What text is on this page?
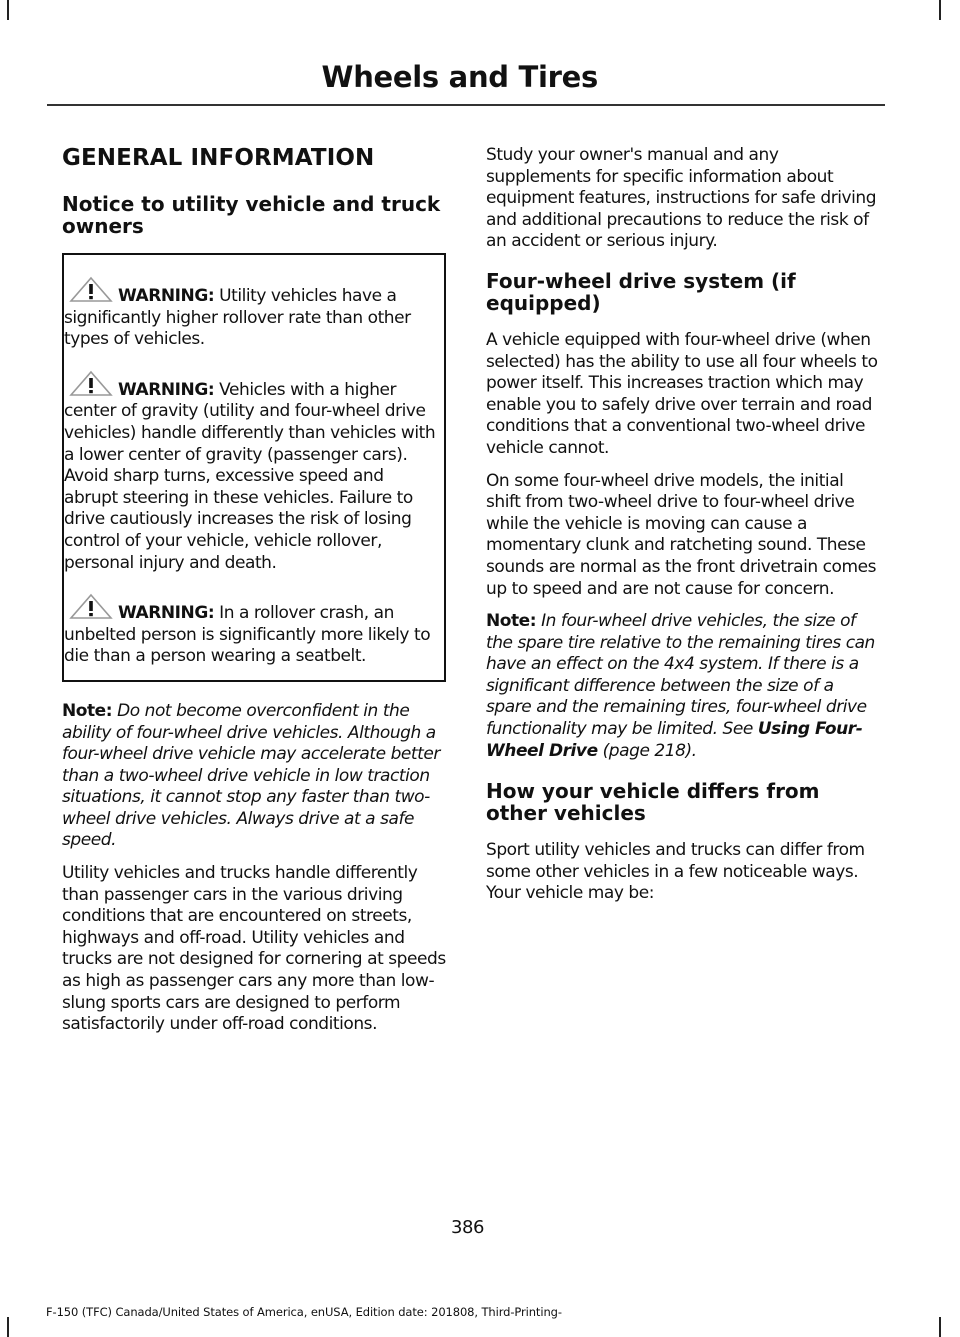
Wheels and Tires
GENERAL INFORMATION
Notice to utility vehicle and truck owners
WARNING: Utility vehicles have a significantly higher rollover rate than other types of vehicles.
WARNING: Vehicles with a higher center of gravity (utility and four-wheel drive vehicles) handle differently than vehicles with a lower center of gravity (passenger cars). Avoid sharp turns, excessive speed and abrupt steering in these vehicles. Failure to drive cautiously increases the risk of losing control of your vehicle, vehicle rollover, personal injury and death.
WARNING: In a rollover crash, an unbelted person is significantly more likely to die than a person wearing a seatbelt.

Note: Do not become overconfident in the ability of four-wheel drive vehicles. Although a four-wheel drive vehicle may accelerate better than a two-wheel drive vehicle in low traction situations, it cannot stop any faster than two-wheel drive vehicles. Always drive at a safe speed.

Utility vehicles and trucks handle differently than passenger cars in the various driving conditions that are encountered on streets, highways and off-road. Utility vehicles and trucks are not designed for cornering at speeds as high as passenger cars any more than low-slung sports cars are designed to perform satisfactorily under off-road conditions.

Study your owner's manual and any supplements for specific information about equipment features, instructions for safe driving and additional precautions to reduce the risk of an accident or serious injury.

Four-wheel drive system (if equipped)

A vehicle equipped with four-wheel drive (when selected) has the ability to use all four wheels to power itself. This increases traction which may enable you to safely drive over terrain and road conditions that a conventional two-wheel drive vehicle cannot.

On some four-wheel drive models, the initial shift from two-wheel drive to four-wheel drive while the vehicle is moving can cause a momentary clunk and ratcheting sound. These sounds are normal as the front drivetrain comes up to speed and are not cause for concern.

Note: In four-wheel drive vehicles, the size of the spare tire relative to the remaining tires can have an effect on the 4x4 system. If there is a significant difference between the size of a spare and the remaining tires, four-wheel drive functionality may be limited. See Using Four-Wheel Drive (page 218).

How your vehicle differs from other vehicles

Sport utility vehicles and trucks can differ from some other vehicles in a few noticeable ways. Your vehicle may be:

386

F-150 (TFC) Canada/United States of America, enUSA, Edition date: 201808, Third-Printing-
